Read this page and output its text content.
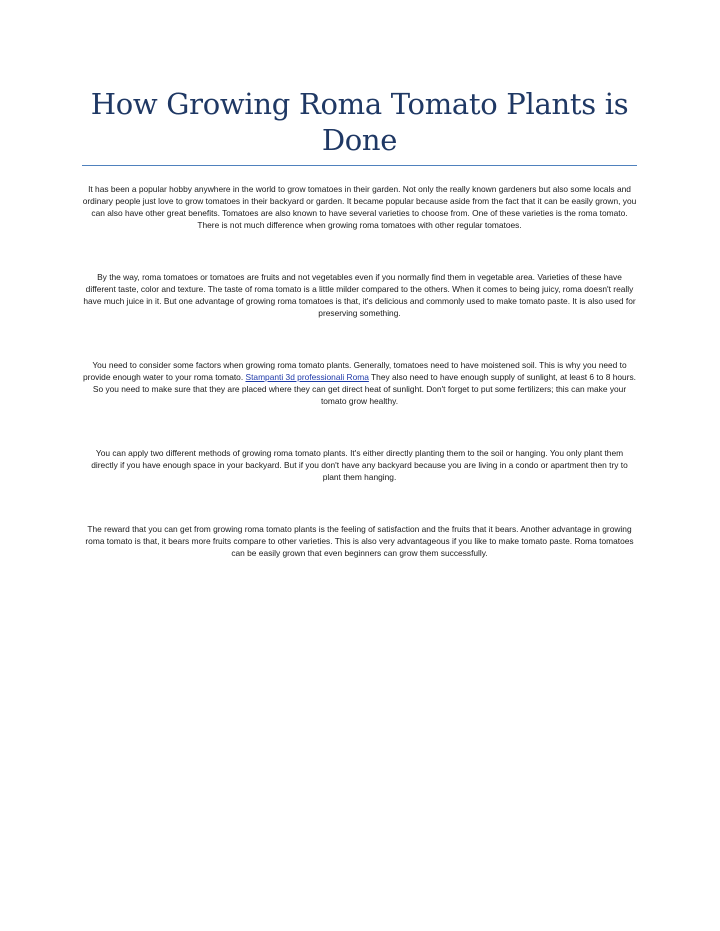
How Growing Roma Tomato Plants is Done

It has been a popular hobby anywhere in the world to grow tomatoes in their garden. Not only the really known gardeners but also some locals and ordinary people just love to grow tomatoes in their backyard or garden. It became popular because aside from the fact that it can be easily grown, you can also have other great benefits. Tomatoes are also known to have several varieties to choose from. One of these varieties is the roma tomato. There is not much difference when growing roma tomatoes with other regular tomatoes.

By the way, roma tomatoes or tomatoes are fruits and not vegetables even if you normally find them in vegetable area. Varieties of these have different taste, color and texture. The taste of roma tomato is a little milder compared to the others. When it comes to being juicy, roma doesn't really have much juice in it. But one advantage of growing roma tomatoes is that, it's delicious and commonly used to make tomato paste. It is also used for preserving something.

You need to consider some factors when growing roma tomato plants. Generally, tomatoes need to have moistened soil. This is why you need to provide enough water to your roma tomato. Stampanti 3d professionali Roma They also need to have enough supply of sunlight, at least 6 to 8 hours. So you need to make sure that they are placed where they can get direct heat of sunlight. Don't forget to put some fertilizers; this can make your tomato grow healthy.

You can apply two different methods of growing roma tomato plants. It's either directly planting them to the soil or hanging. You only plant them directly if you have enough space in your backyard. But if you don't have any backyard because you are living in a condo or apartment then try to plant them hanging.

The reward that you can get from growing roma tomato plants is the feeling of satisfaction and the fruits that it bears. Another advantage in growing roma tomato is that, it bears more fruits compare to other varieties. This is also very advantageous if you like to make tomato paste. Roma tomatoes can be easily grown that even beginners can grow them successfully.
